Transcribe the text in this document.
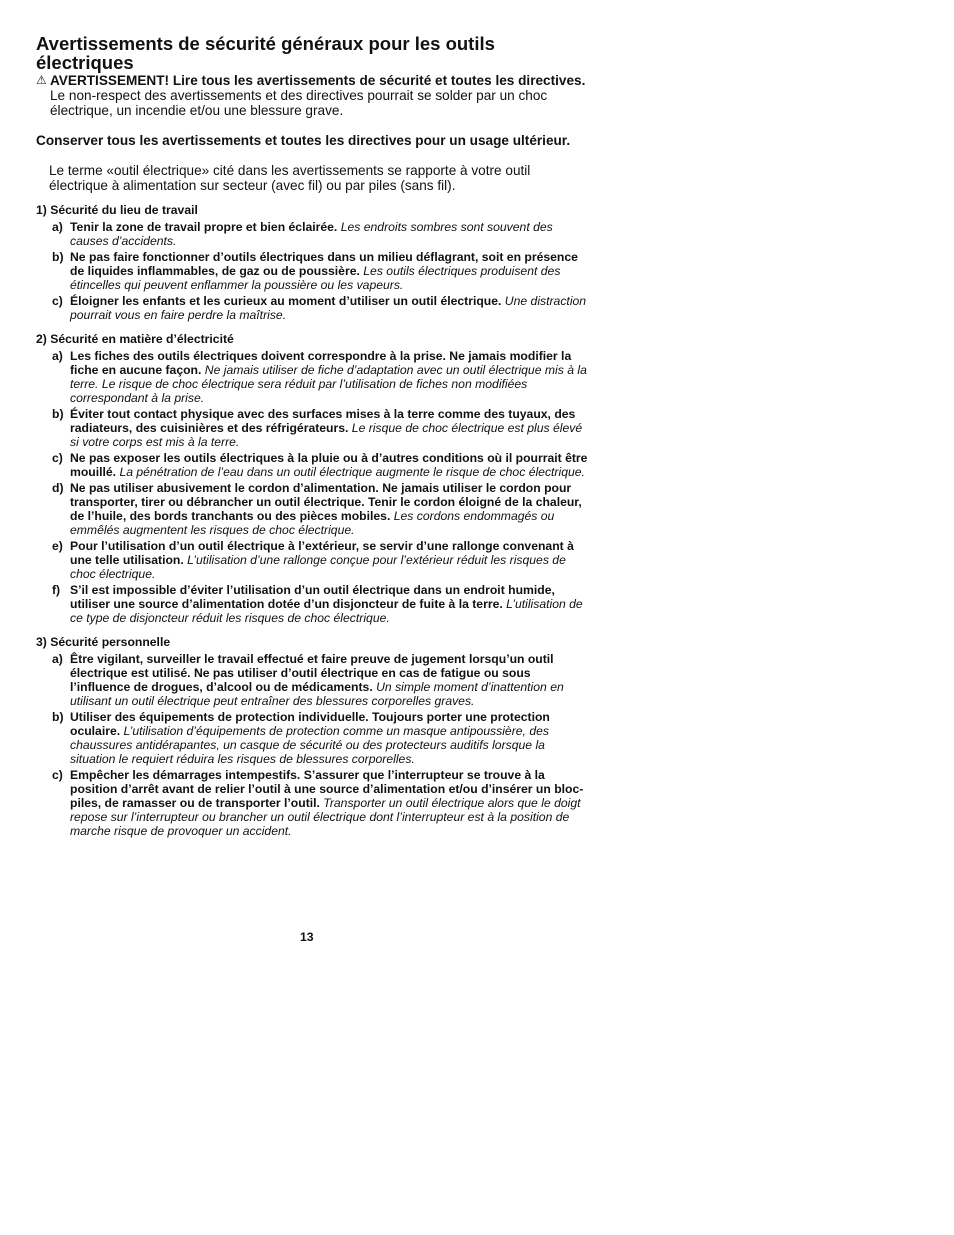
Avertissements de sécurité généraux pour les outils électriques
⚠ AVERTISSEMENT! Lire tous les avertissements de sécurité et toutes les directives. Le non-respect des avertissements et des directives pourrait se solder par un choc électrique, un incendie et/ou une blessure grave.
Conserver tous les avertissements et toutes les directives pour un usage ultérieur.
Le terme «outil électrique» cité dans les avertissements se rapporte à votre outil électrique à alimentation sur secteur (avec fil) ou par piles (sans fil).
1) Sécurité du lieu de travail
a) Tenir la zone de travail propre et bien éclairée. Les endroits sombres sont souvent des causes d’accidents.
b) Ne pas faire fonctionner d’outils électriques dans un milieu déflagrant, soit en présence de liquides inflammables, de gaz ou de poussière. Les outils électriques produisent des étincelles qui peuvent enflammer la poussière ou les vapeurs.
c) Éloigner les enfants et les curieux au moment d’utiliser un outil électrique. Une distraction pourrait vous en faire perdre la maîtrise.
2) Sécurité en matière d’électricité
a) Les fiches des outils électriques doivent correspondre à la prise. Ne jamais modifier la fiche en aucune façon. Ne jamais utiliser de fiche d’adaptation avec un outil électrique mis à la terre. Le risque de choc électrique sera réduit par l’utilisation de fiches non modifiées correspondant à la prise.
b) Éviter tout contact physique avec des surfaces mises à la terre comme des tuyaux, des radiateurs, des cuisinières et des réfrigérateurs. Le risque de choc électrique est plus élevé si votre corps est mis à la terre.
c) Ne pas exposer les outils électriques à la pluie ou à d’autres conditions où il pourrait être mouillé. La pénétration de l’eau dans un outil électrique augmente le risque de choc électrique.
d) Ne pas utiliser abusivement le cordon d’alimentation. Ne jamais utiliser le cordon pour transporter, tirer ou débrancher un outil électrique. Tenir le cordon éloigné de la chaleur, de l’huile, des bords tranchants ou des pièces mobiles. Les cordons endommagés ou emmêlés augmentent les risques de choc électrique.
e) Pour l’utilisation d’un outil électrique à l’extérieur, se servir d’une rallonge convenant à une telle utilisation. L’utilisation d’une rallonge conçue pour l’extérieur réduit les risques de choc électrique.
f) S’il est impossible d’éviter l’utilisation d’un outil électrique dans un endroit humide, utiliser une source d’alimentation dotée d’un disjoncteur de fuite à la terre. L’utilisation de ce type de disjoncteur réduit les risques de choc électrique.
3) Sécurité personnelle
a) Être vigilant, surveiller le travail effectué et faire preuve de jugement lorsqu’un outil électrique est utilisé. Ne pas utiliser d’outil électrique en cas de fatigue ou sous l’influence de drogues, d’alcool ou de médicaments. Un simple moment d’inattention en utilisant un outil électrique peut entraîner des blessures corporelles graves.
b) Utiliser des équipements de protection individuelle. Toujours porter une protection oculaire. L’utilisation d’équipements de protection comme un masque antipoussière, des chaussures antidérapantes, un casque de sécurité ou des protecteurs auditifs lorsque la situation le requiert réduira les risques de blessures corporelles.
c) Empêcher les démarrages intempestifs. S’assurer que l’interrupteur se trouve à la position d’arrêt avant de relier l’outil à une source d’alimentation et/ou d’insérer un bloc-piles, de ramasser ou de transporter l’outil. Transporter un outil électrique alors que le doigt repose sur l’interrupteur ou brancher un outil électrique dont l’interrupteur est à la position de marche risque de provoquer un accident.
13
